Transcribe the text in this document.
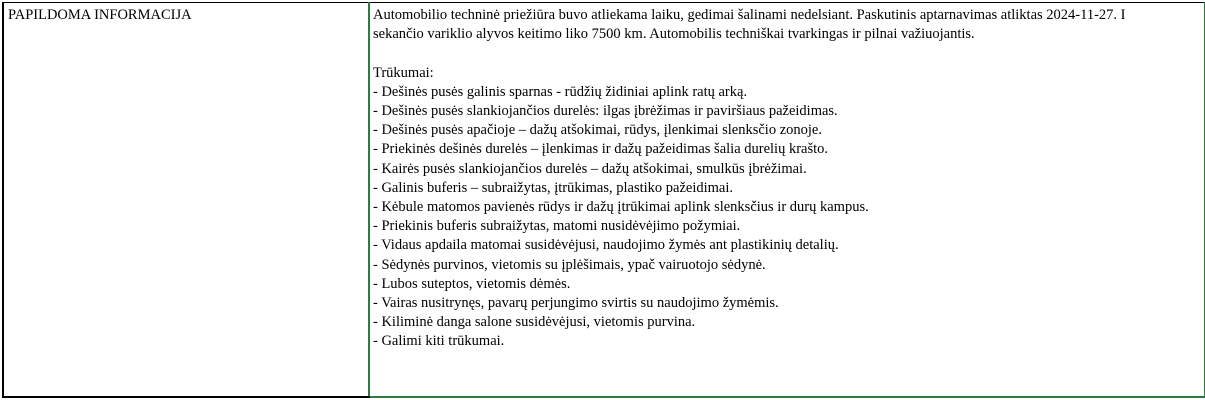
PAPILDOMA INFORMACIJA	Automobilio techninė priežiūra buvo atliekama laiku, gedimai šalinami nedelsiant. Paskutinis aptarnavimas atliktas 2024-11-27. I

sekančio variklio alyvos keitimo liko 7500 km. Automobilis techniškai tvarkingas ir pilnai važiuojantis.

Trūkumai:

- Dešinės pusės galinis sparnas - rūdžių židiniai aplink ratų arką.

- Dešinės pusės slankiojančios durelės: ilgas įbrėžimas ir paviršiaus pažeidimas.

- Dešinės pusės apačioje – dažų atšokimai, rūdys, įlenkimai slenksčio zonoje.

- Priekinės dešinės durelės – įlenkimas ir dažų pažeidimas šalia durelių krašto.

- Kairės pusės slankiojančios durelės – dažų atšokimai, smulkūs įbrėžimai.

- Galinis buferis – subraižytas, įtrūkimas, plastiko pažeidimai.

- Kėbule matomos pavienės rūdys ir dažų įtrūkimai aplink slenksčius ir durų kampus.

- Priekinis buferis subraižytas, matomi nusidėvėjimo požymiai.

- Vidaus apdaila matomai susidėvėjusi, naudojimo žymės ant plastikinių detalių.

- Sėdynės purvinos, vietomis su įplėšimais, ypač vairuotojo sėdynė.

- Lubos suteptos, vietomis dėmės.

- Vairas nusitrynęs, pavarų perjungimo svirtis su naudojimo žymėmis.

- Kiliminė danga salone susidėvėjusi, vietomis purvina.

- Galimi kiti trūkumai.
